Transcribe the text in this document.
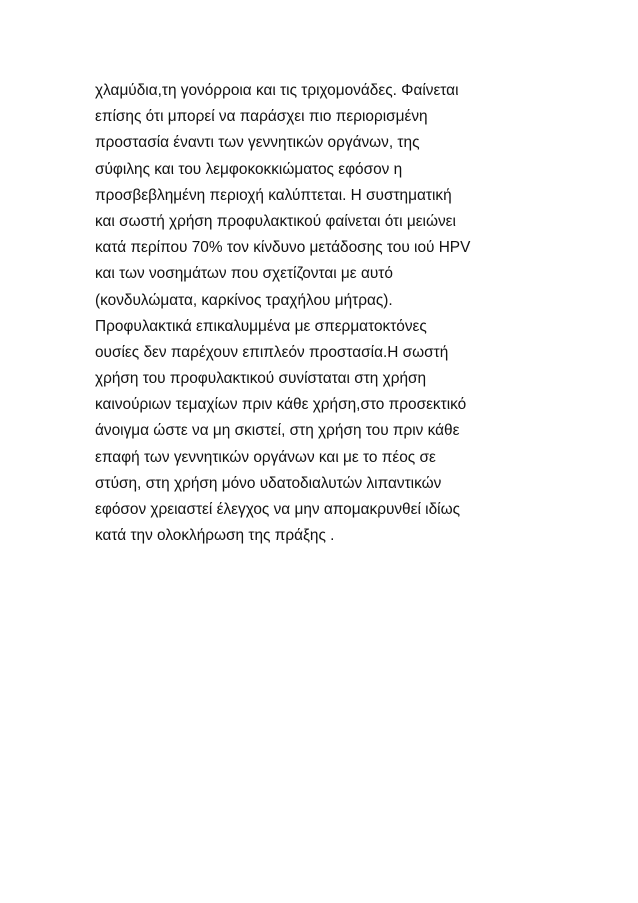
χλαμύδια,τη γονόρροια και τις τριχομονάδες. Φαίνεται
επίσης ότι μπορεί να παράσχει πιο περιορισμένη
προστασία έναντι των γεννητικών οργάνων, της
σύφιλης και του λεμφοκοκκιώματος εφόσον η
προσβεβλημένη περιοχή καλύπτεται. Η συστηματική
και σωστή χρήση προφυλακτικού φαίνεται ότι μειώνει
κατά περίπου 70% τον κίνδυνο μετάδοσης του ιού HPV
και των νοσημάτων που σχετίζονται με αυτό
(κονδυλώματα, καρκίνος τραχήλου μήτρας).
Προφυλακτικά επικαλυμμένα με σπερματοκτόνες
ουσίες δεν παρέχουν επιπλεόν προστασία.Η σωστή
χρήση του προφυλακτικού συνίσταται στη χρήση
καινούριων τεμαχίων πριν κάθε χρήση,στο προσεκτικό
άνοιγμα ώστε να μη σκιστεί, στη χρήση του πριν κάθε
επαφή των γεννητικών οργάνων και με το πέος σε
στύση, στη χρήση μόνο υδατοδιαλυτών λιπαντικών
εφόσον χρειαστεί έλεγχος να μην απομακρυνθεί ιδίως
κατά την ολοκλήρωση της πράξης .
